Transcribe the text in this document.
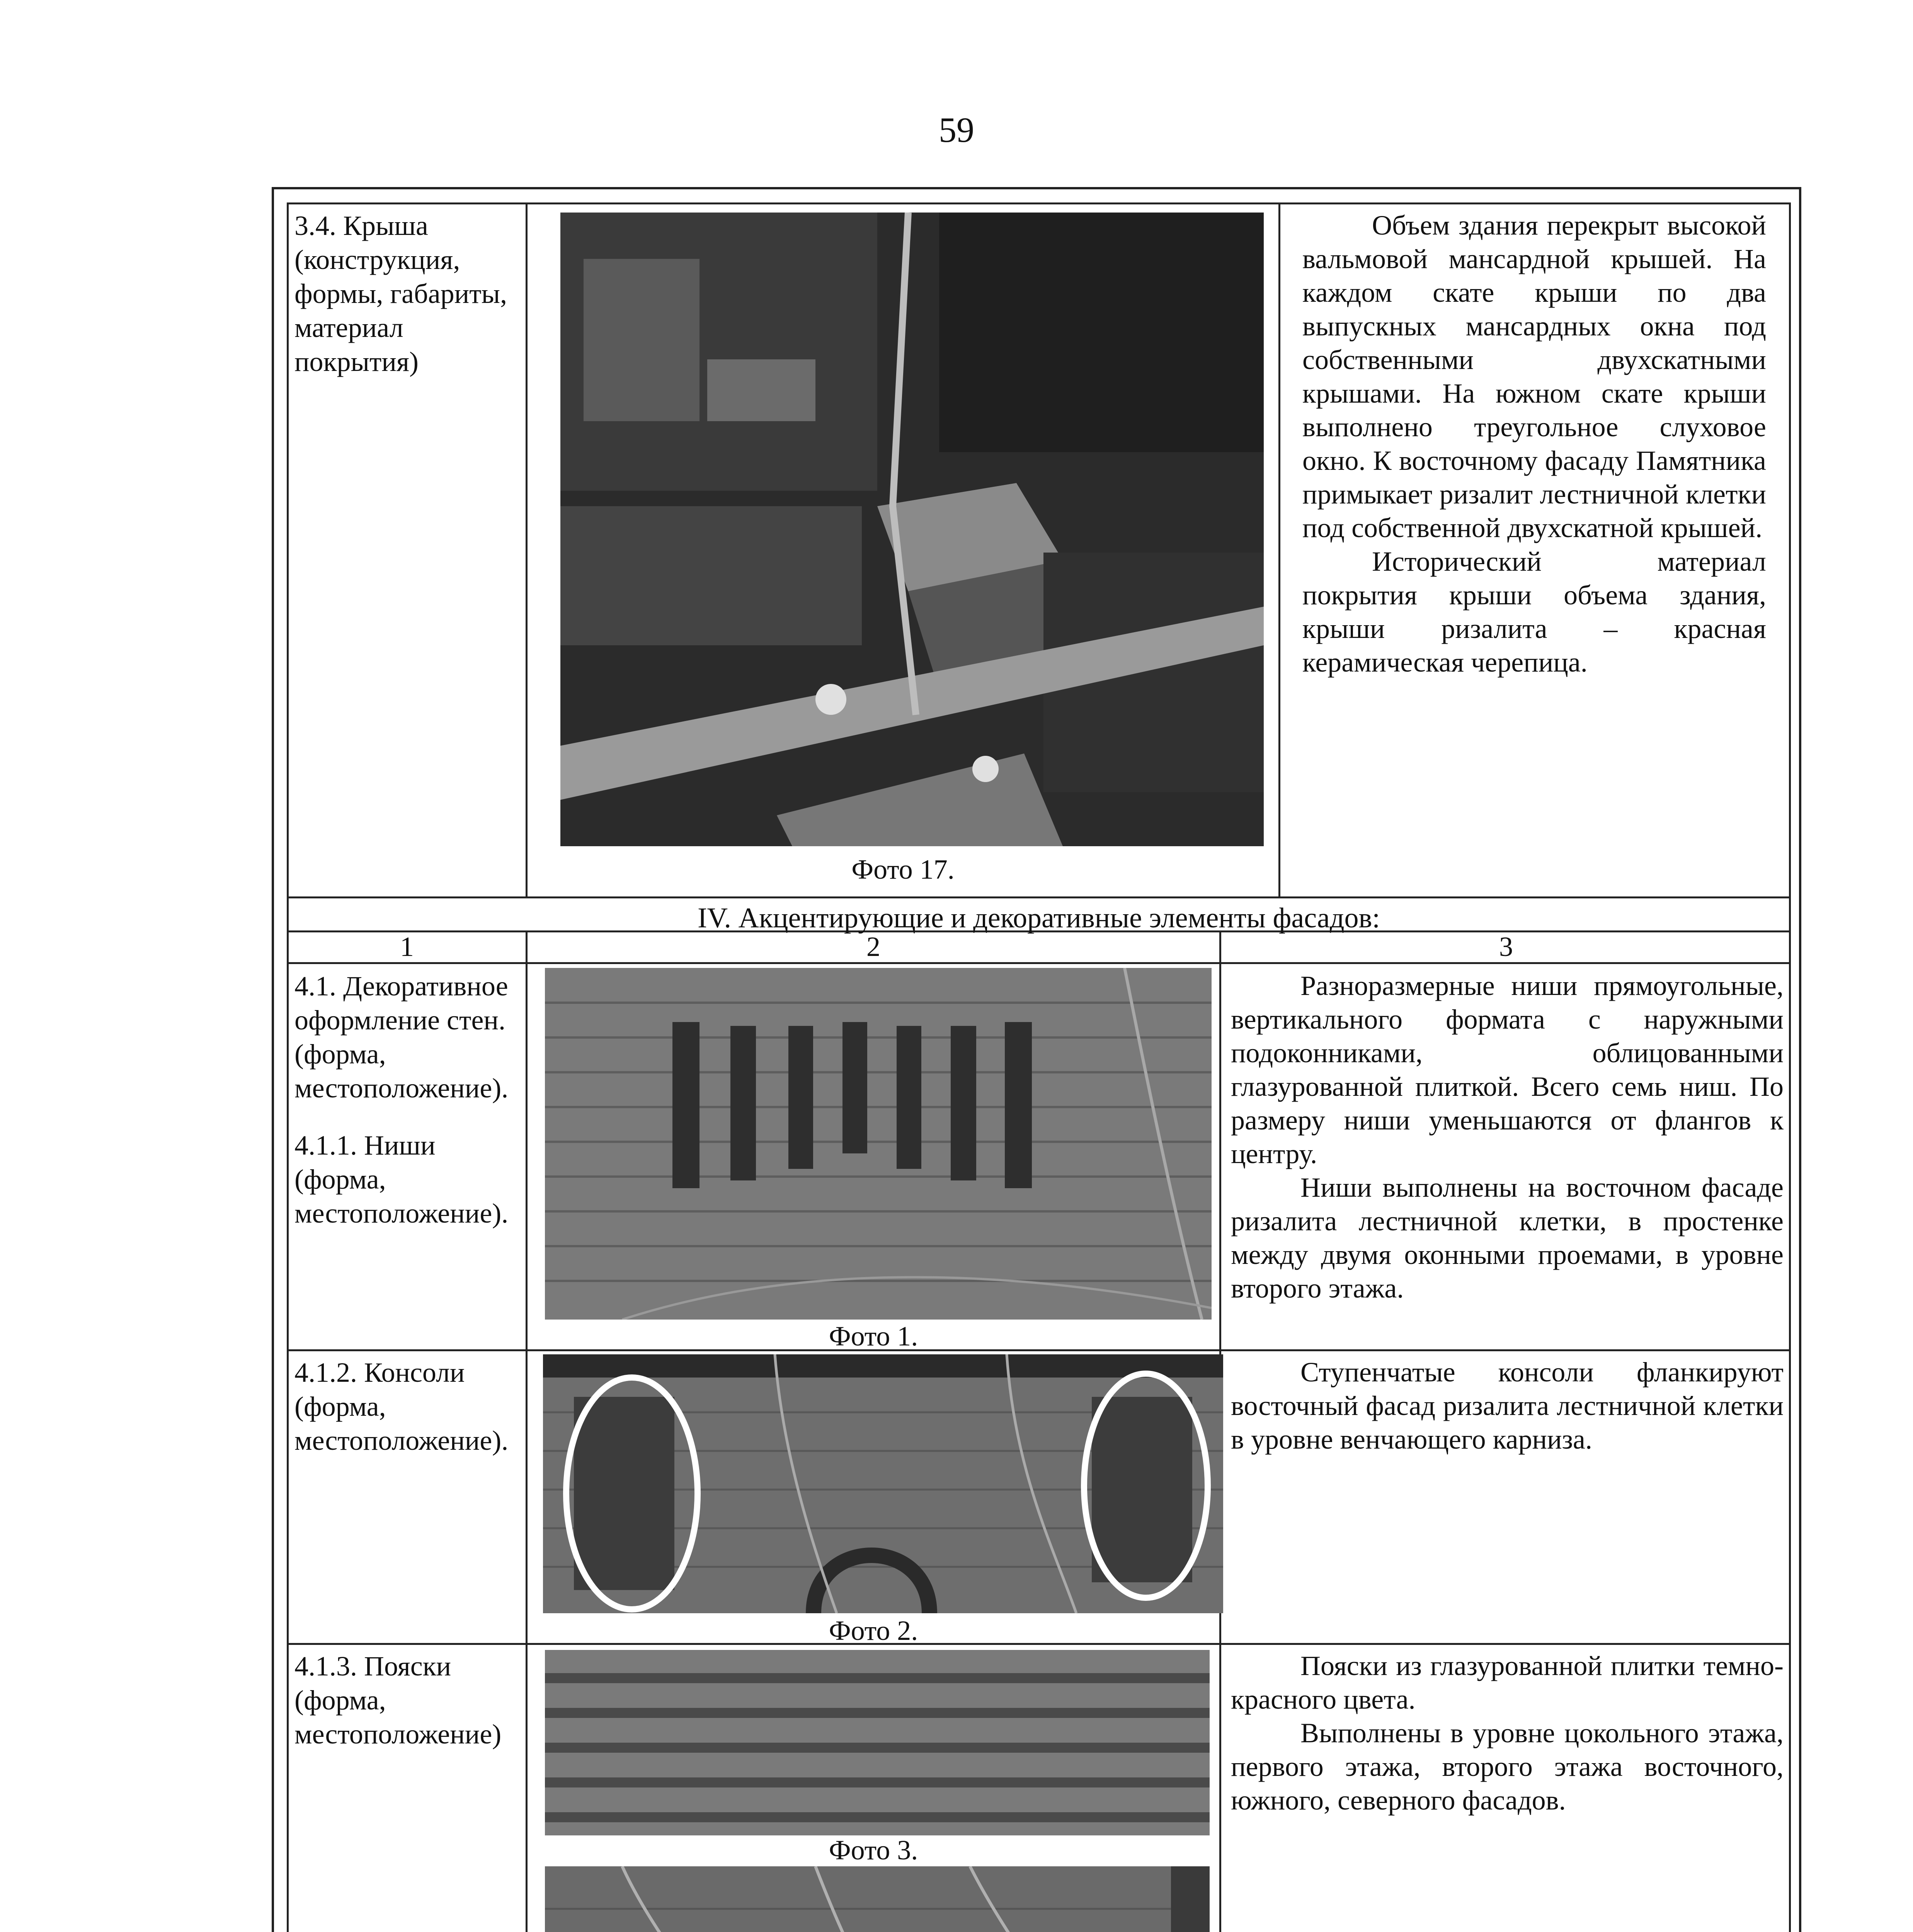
59
3.4. Крыша (конструкция, формы, габариты, материал покрытия)
Фото 17.

Объем здания перекрыт высокой вальмовой мансардной крышей. На каждом скате крыши по два выпускных мансардных окна под собственными двухскатными крышами. На южном скате крыши выполнено треугольное слуховое окно. К восточному фасаду Памятника примыкает ризалит лестничной клетки под собственной двухскатной крышей.

Исторический материал покрытия крыши объема здания, крыши ризалита – красная керамическая черепица.

IV. Акцентирующие и декоративные элементы фасадов:
1	2	3
4.1. Декоративное оформление стен. (форма, местоположение).
4.1.1. Ниши (форма, местоположение).
Фото 1.

Разноразмерные ниши прямоугольные, вертикального формата с наружными подоконниками, облицованными глазурованной плиткой. Всего семь ниш. По размеру ниши уменьшаются от флангов к центру.

Ниши выполнены на восточном фасаде ризалита лестничной клетки, в простенке между двумя оконными проемами, в уровне второго этажа.

4.1.2. Консоли (форма, местоположение).
Фото 2.

Ступенчатые консоли фланкируют восточный фасад ризалита лестничной клетки в уровне венчающего карниза.

4.1.3. Пояски (форма, местоположение)
Фото 3.

Пояски из глазурованной плитки темно-красного цвета.

Выполнены в уровне цокольного этажа, первого этажа, второго этажа восточного, южного, северного фасадов.
